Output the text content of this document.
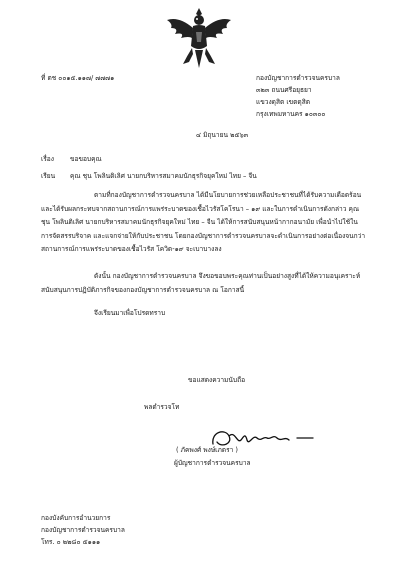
ที่ ตช ๐๐๑๕.๑๑๗/ ๗๗๗๑	กองบัญชาการตำรวจนครบาล
๓๒๓ ถนนศรีอยุธยา
แขวงดุสิต เขตดุสิต
กรุงเทพมหานคร ๑๐๓๐๐
๔ มิถุนายน ๒๕๖๓
เรื่อง ขอขอบคุณ
เรียน คุณ ชุน โพลินติเลิศ นายกบริหารสมาคมนักธุรกิจยุคใหม่ ไทย – จีน
ตามที่กองบัญชาการตำรวจนครบาล ได้มีนโยบายการช่วยเหลือประชาชนที่ได้รับความเดือดร้อน และได้รับผลกระทบจากสถานการณ์การแพร่ระบาดของเชื้อไวรัสโคโรนา – ๑๙ และในการดำเนินการดังกล่าว คุณ ชุน โพลินติเลิศ นายกบริหารสมาคมนักธุรกิจยุคใหม่ ไทย – จีน ได้ให้การสนับสนุนหน้ากากอนามัย เพื่อนำไปใช้ในการจัดสรรบริจาค และแจกจ่ายให้กับประชาชน โดยกองบัญชาการตำรวจนครบาลจะดำเนินการอย่างต่อเนื่องจนกว่าสถานการณ์การแพร่ระบาดของเชื้อไวรัส โควิด-๑๙ จะเบาบางลง
ดังนั้น กองบัญชาการตำรวจนครบาล จึงขอขอบพระคุณท่านเป็นอย่างสูงที่ได้ให้ความอนุเคราะห์สนับสนุนการปฏิบัติภารกิจของกองบัญชาการตำรวจนครบาล ณ โอกาสนี้
จึงเรียนมาเพื่อโปรดทราบ
ขอแสดงความนับถือ
พลตำรวจโท
( ภัคพงศ์ พงษ์เภตรา )
ผู้บัญชาการตำรวจนครบาล
กองบังคับการอำนวยการ
กองบัญชาการตำรวจนครบาล
โทร. ๐ ๒๒๘๐ ๕๑๑๑
